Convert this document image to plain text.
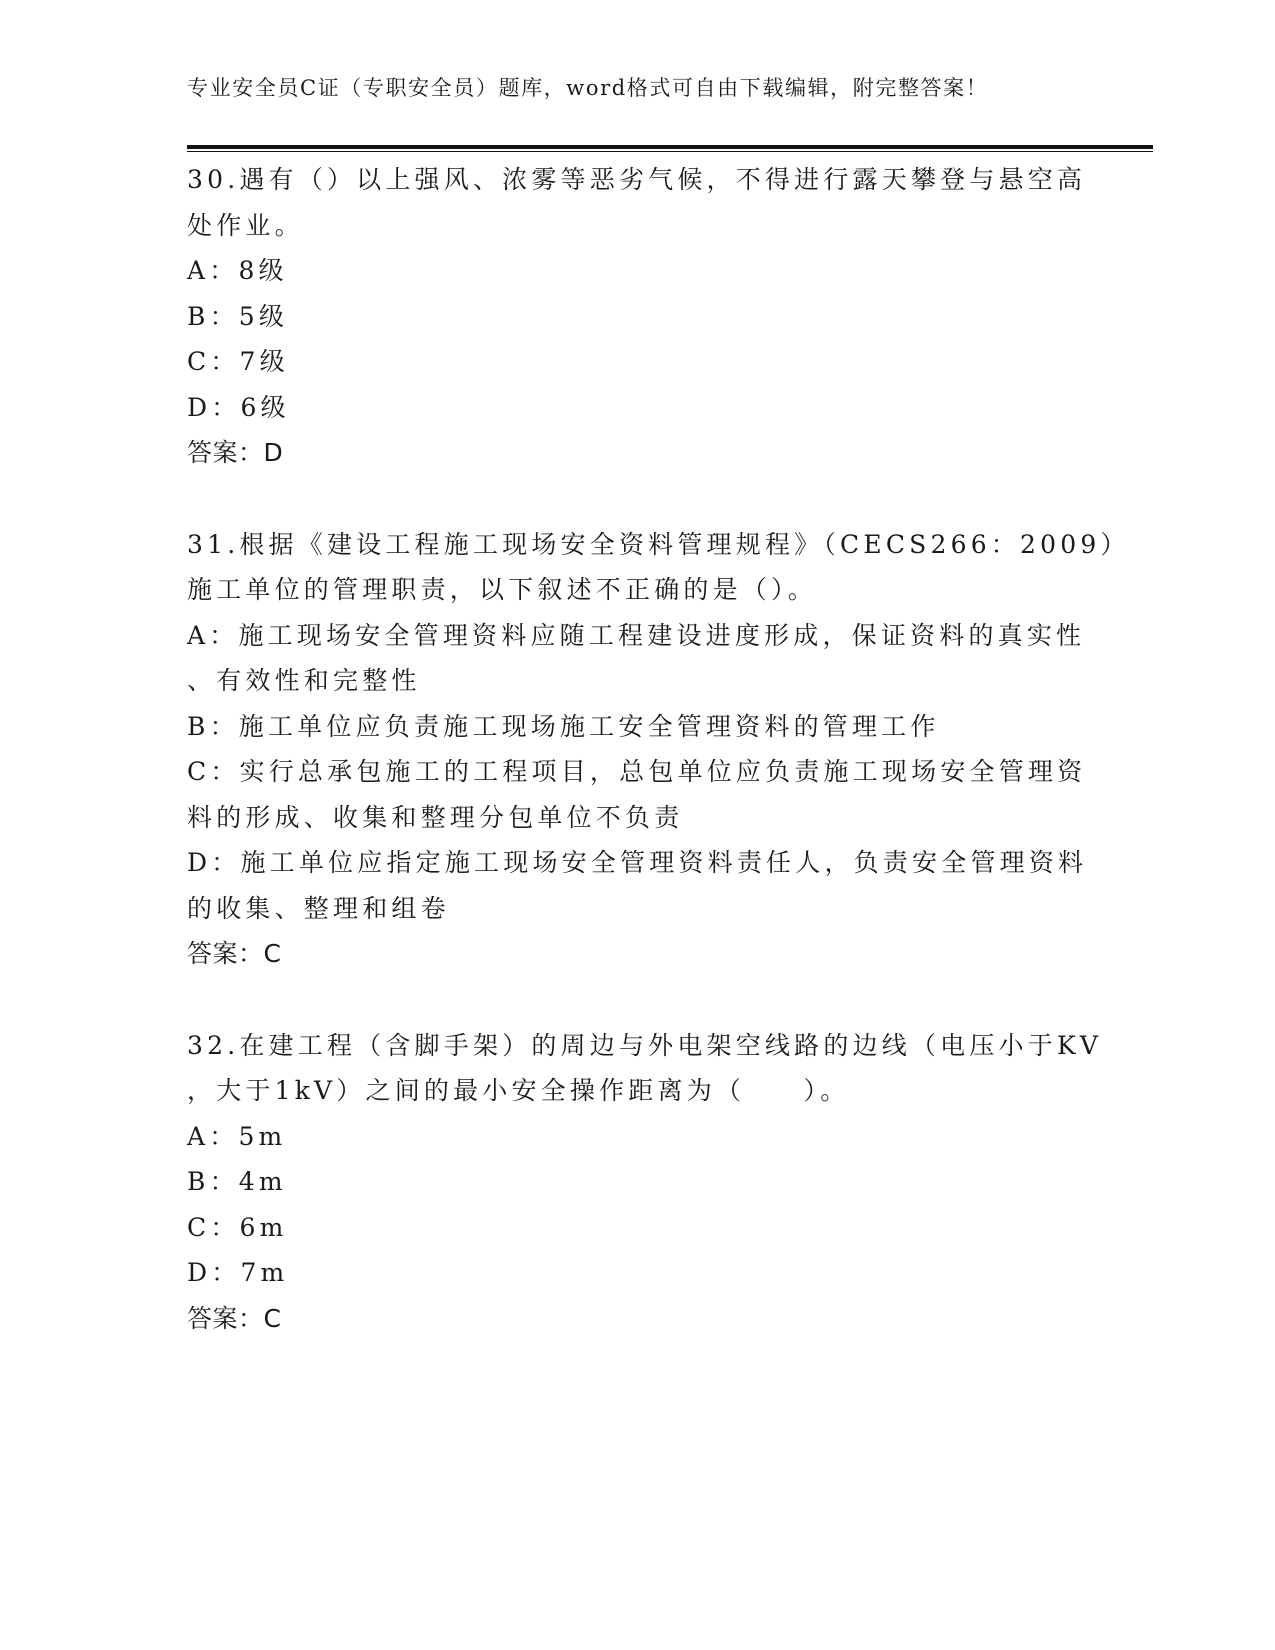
专业安全员C证（专职安全员）题库，word格式可自由下载编辑，附完整答案！
30.遇有（）以上强风、浓雾等恶劣气候，不得进行露天攀登与悬空高
处作业。
A：8级
B：5级
C：7级
D：6级
答案：D
31.根据《建设工程施工现场安全资料管理规程》（CECS266：2009）
施工单位的管理职责，以下叙述不正确的是（）。
A：施工现场安全管理资料应随工程建设进度形成，保证资料的真实性
、有效性和完整性
B：施工单位应负责施工现场施工安全管理资料的管理工作
C：实行总承包施工的工程项目，总包单位应负责施工现场安全管理资
料的形成、收集和整理分包单位不负责
D：施工单位应指定施工现场安全管理资料责任人，负责安全管理资料
的收集、整理和组卷
答案：C
32.在建工程（含脚手架）的周边与外电架空线路的边线（电压小于KV
，大于1kV）之间的最小安全操作距离为（　　）。
A：5m
B：4m
C：6m
D：7m
答案：C
